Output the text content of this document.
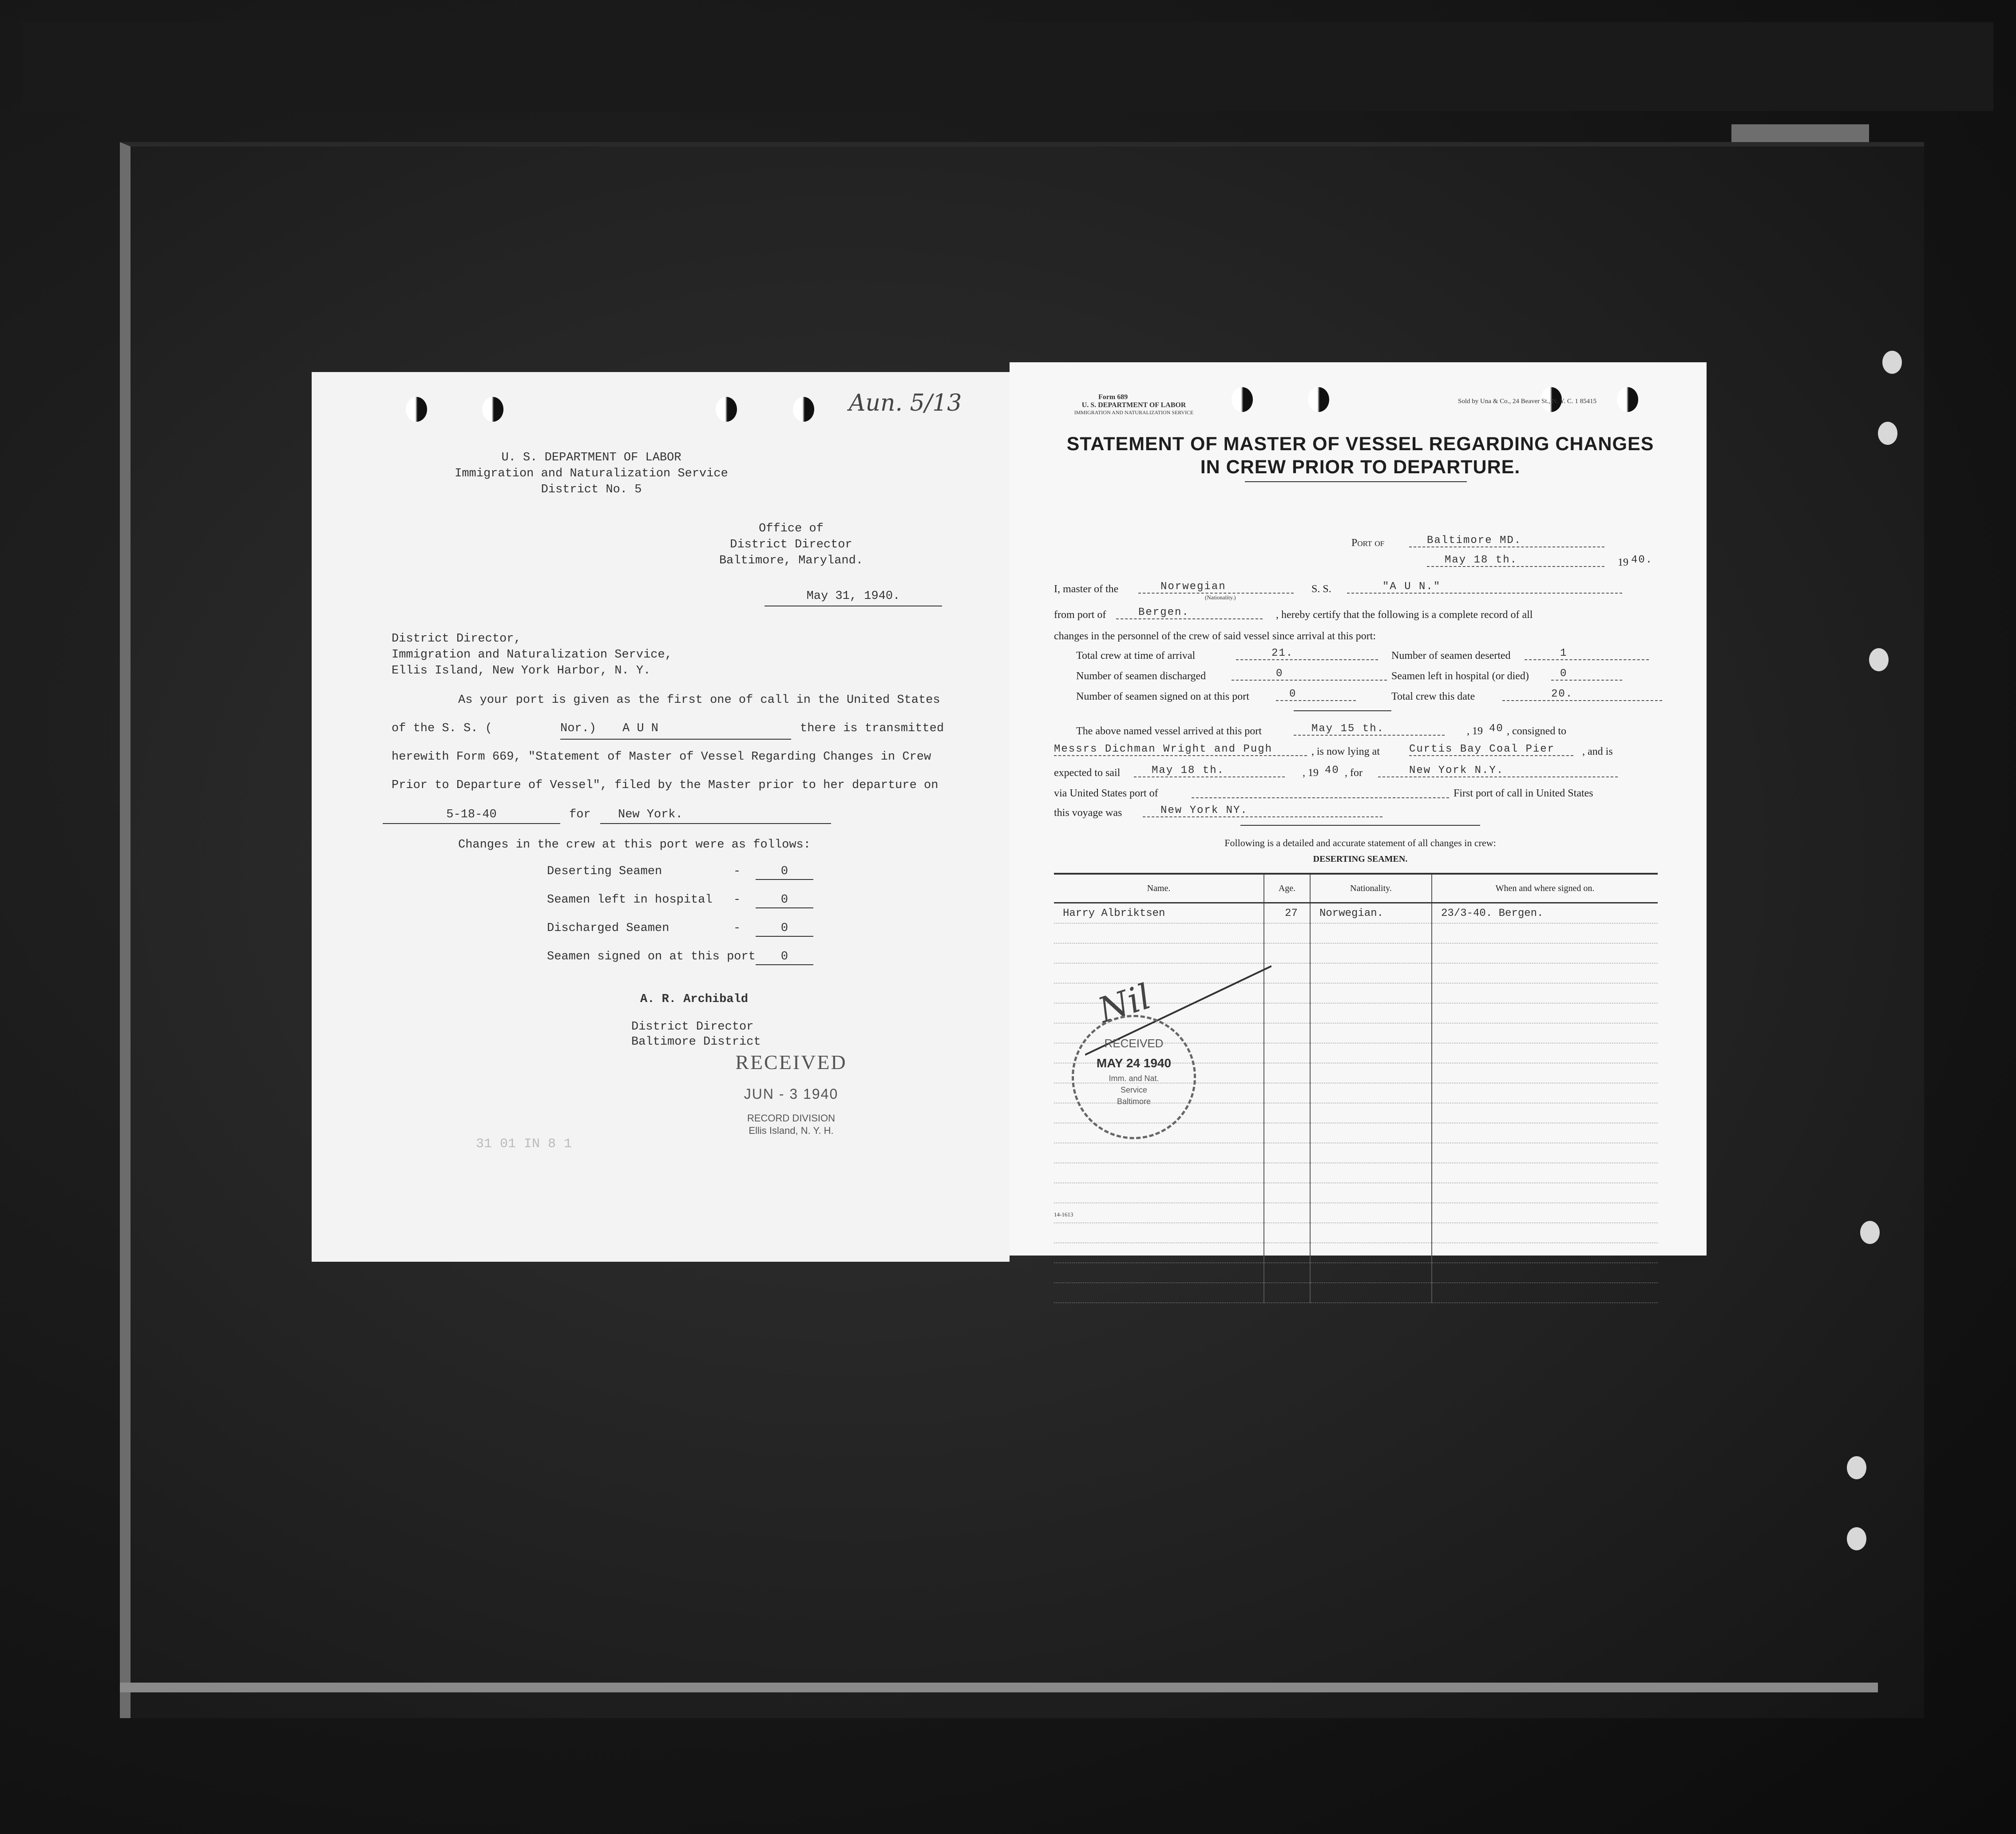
Aun. 5/13
U. S. DEPARTMENT OF LABOR
Immigration and Naturalization Service
District No. 5
Office of
District Director
Baltimore, Maryland.
May 31, 1940.
District Director,
Immigration and Naturalization Service,
Ellis Island, New York Harbor, N. Y.
As your port is given as the first one of call in the United States
of the S. S. (	Nor.) A U N	there is transmitted
herewith Form 669, "Statement of Master of Vessel Regarding Changes in Crew
Prior to Departure of Vessel", filed by the Master prior to her departure on
5-18-40	for	New York.
Changes in the crew at this port were as follows:
Deserting Seamen	-	0
Seamen left in hospital -	0
Discharged Seamen	-	0
Seamen signed on at this port	0
A. R. Archibald
District Director
Baltimore District
RECEIVED
JUN - 3 1940
RECORD DIVISION
Ellis Island, N. Y. H.
31 01 IN 8 1
Form 689
U. S. DEPARTMENT OF LABOR
IMMIGRATION AND NATURALIZATION SERVICE
Sold by Una & Co., 24 Beaver St., N. Y. C. 1 85415
STATEMENT OF MASTER OF VESSEL REGARDING CHANGES
IN CREW PRIOR TO DEPARTURE.
Port of	Baltimore MD.
May 18 th.	19 40.
I, master of the	Norwegian
(Nationality.)
S. S.	"A U N."
from port of	Bergen.	, hereby certify that the following is a complete record of all
changes in the personnel of the crew of said vessel since arrival at this port:
Total crew at time of arrival	21.	Number of seamen deserted	1
Number of seamen discharged	0	Seamen left in hospital (or died)	0
Number of seamen signed on at this port	0	Total crew this date	20.
The above named vessel arrived at this port	May 15 th.	, 19 40 , consigned to
Messrs Dichman Wright and Pugh	, is now lying at	Curtis Bay Coal Pier	, and is
expected to sail	May 18 th.	, 19 40 , for	New York N.Y.
via United States port of	First port of call in United States
this voyage was	New York NY.
Following is a detailed and accurate statement of all changes in crew:
DESERTING SEAMEN.
Name.	Age.	Nationality.	When and where signed on.
Harry Albriktsen	27	Norwegian.	23/3-40. Bergen.

Nil
RECEIVED
MAY 24 1940
Imm. and Nat.
Service
Baltimore
14-1613
